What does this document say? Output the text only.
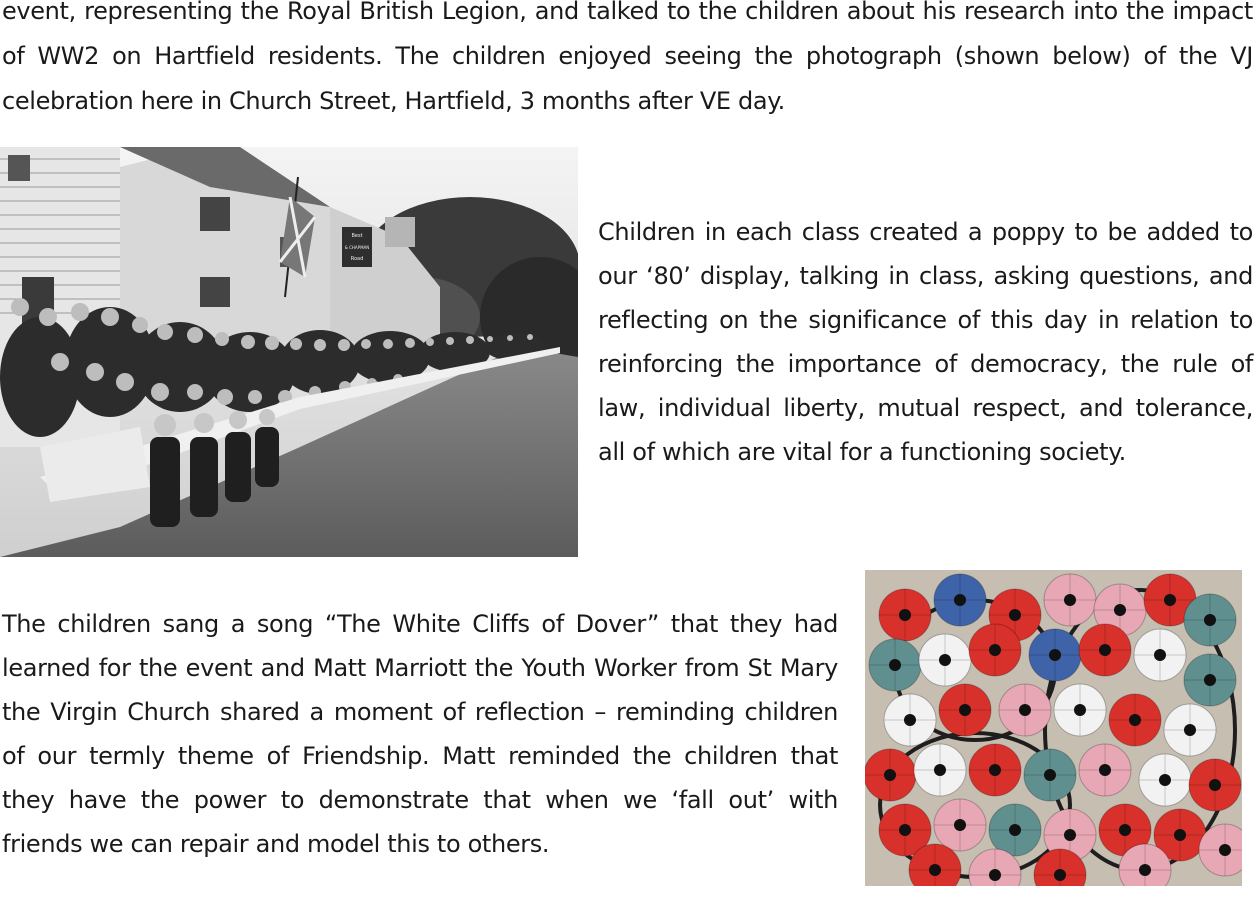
event, representing the Royal British Legion, and talked to the children about his research into the impact of WW2 on Hartfield residents. The children enjoyed seeing the photograph (shown below) of the VJ celebration here in Church Street, Hartfield, 3 months after VE day.

Best
& CHAPMAN
Road

Children in each class created a poppy to be added to our ‘80’ display, talking in class, asking questions, and reflecting on the significance of this day in relation to reinforcing the importance of democracy, the rule of law, individual liberty, mutual respect, and tolerance, all of which are vital for a functioning society.

The children sang a song “The White Cliffs of Dover” that they had learned for the event and Matt Marriott the Youth Worker from St Mary the Virgin Church shared a moment of reflection – reminding children of our termly theme of Friendship. Matt reminded the children that they have the power to demonstrate that when we ‘fall out’ with friends we can repair and model this to others.
